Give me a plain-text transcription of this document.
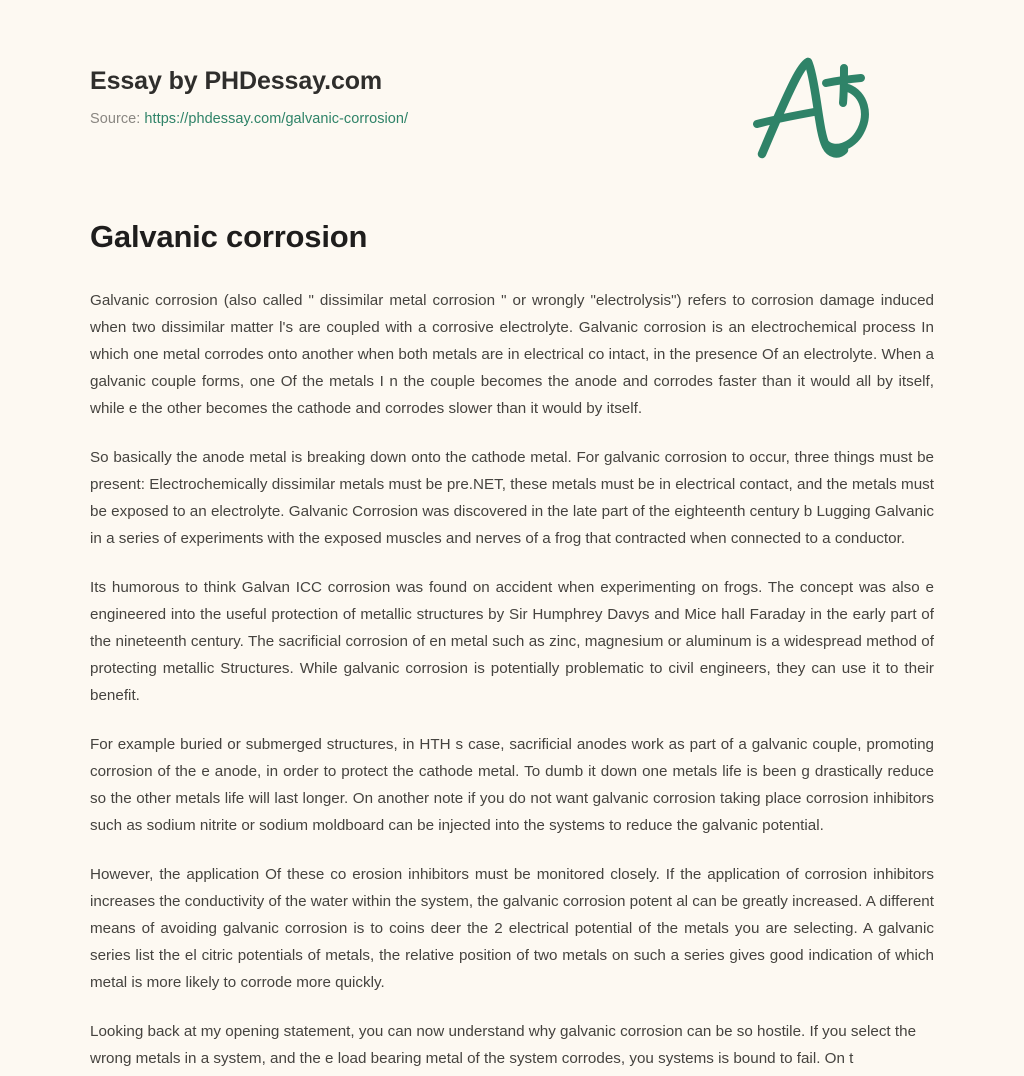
Essay by PHDessay.com
Source: https://phdessay.com/galvanic-corrosion/
Galvanic corrosion

Galvanic corrosion (also called " dissimilar metal corrosion " or wrongly "electrolysis") refers to corrosion damage induced when two dissimilar matter l's are coupled with a corrosive electrolyte. Galvanic corrosion is an electrochemical process In which one metal corrodes onto another when both metals are in electrical co intact, in the presence Of an electrolyte. When a galvanic couple forms, one Of the metals I n the couple becomes the anode and corrodes faster than it would all by itself, while e the other becomes the cathode and corrodes slower than it would by itself.

So basically the anode metal is breaking down onto the cathode metal. For galvanic corrosion to occur, three things must be present: Electrochemically dissimilar metals must be pre.NET, these metals must be in electrical contact, and the metals must be exposed to an electrolyte. Galvanic Corrosion was discovered in the late part of the eighteenth century b Lugging Galvanic in a series of experiments with the exposed muscles and nerves of a frog that contracted when connected to a conductor.

Its humorous to think Galvan ICC corrosion was found on accident when experimenting on frogs. The concept was also e engineered into the useful protection of metallic structures by Sir Humphrey Davys and Mice hall Faraday in the early part of the nineteenth century. The sacrificial corrosion of en metal such as zinc, magnesium or aluminum is a widespread method of protecting metallic Structures. While galvanic corrosion is potentially problematic to civil engineers, they can use it to their benefit.

For example buried or submerged structures, in HTH s case, sacrificial anodes work as part of a galvanic couple, promoting corrosion of the e anode, in order to protect the cathode metal. To dumb it down one metals life is been g drastically reduce so the other metals life will last longer. On another note if you do not want galvanic corrosion taking place corrosion inhibitors such as sodium nitrite or sodium moldboard can be injected into the systems to reduce the galvanic potential.

However, the application Of these co erosion inhibitors must be monitored closely. If the application of corrosion inhibitors increases the conductivity of the water within the system, the galvanic corrosion potent al can be greatly increased. A different means of avoiding galvanic corrosion is to coins deer the 2 electrical potential of the metals you are selecting. A galvanic series list the el citric potentials of metals, the relative position of two metals on such a series gives good indication of which metal is more likely to corrode more quickly.

Looking back at my opening statement, you can now understand why galvanic corrosion can be so hostile. If you select the wrong metals in a system, and the e load bearing metal of the system corrodes, you systems is bound to fail. On t
